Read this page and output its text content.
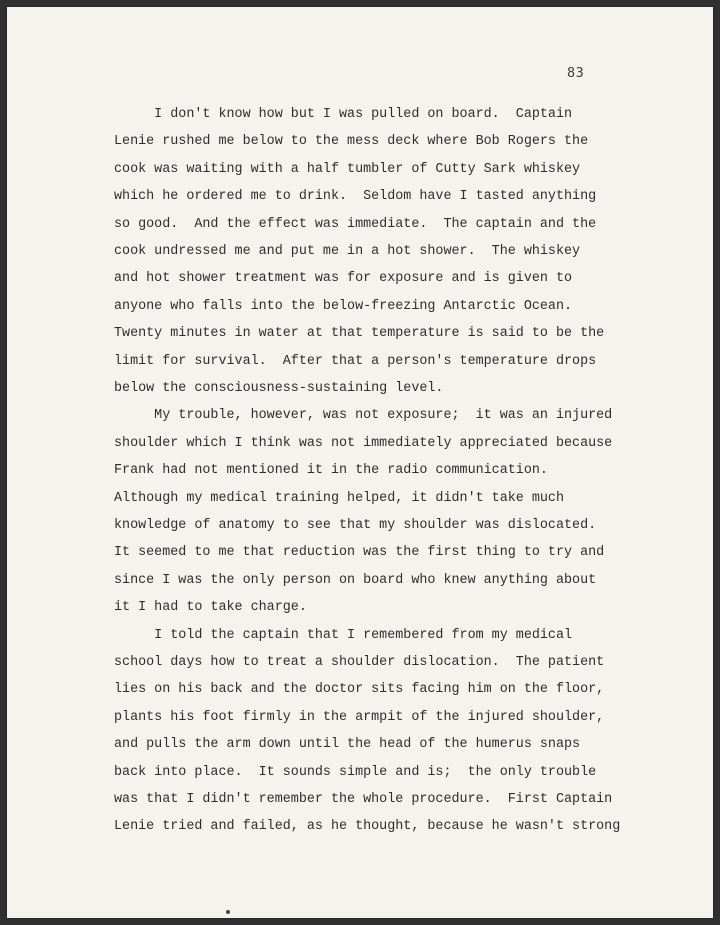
83
I don't know how but I was pulled on board.  Captain
Lenie rushed me below to the mess deck where Bob Rogers the
cook was waiting with a half tumbler of Cutty Sark whiskey
which he ordered me to drink.  Seldom have I tasted anything
so good.  And the effect was immediate.  The captain and the
cook undressed me and put me in a hot shower.  The whiskey
and hot shower treatment was for exposure and is given to
anyone who falls into the below-freezing Antarctic Ocean.
Twenty minutes in water at that temperature is said to be the
limit for survival.  After that a person's temperature drops
below the consciousness-sustaining level.
My trouble, however, was not exposure;  it was an injured
shoulder which I think was not immediately appreciated because
Frank had not mentioned it in the radio communication.
Although my medical training helped, it didn't take much
knowledge of anatomy to see that my shoulder was dislocated.
It seemed to me that reduction was the first thing to try and
since I was the only person on board who knew anything about
it I had to take charge.
I told the captain that I remembered from my medical
school days how to treat a shoulder dislocation.  The patient
lies on his back and the doctor sits facing him on the floor,
plants his foot firmly in the armpit of the injured shoulder,
and pulls the arm down until the head of the humerus snaps
back into place.  It sounds simple and is;  the only trouble
was that I didn't remember the whole procedure.  First Captain
Lenie tried and failed, as he thought, because he wasn't strong
